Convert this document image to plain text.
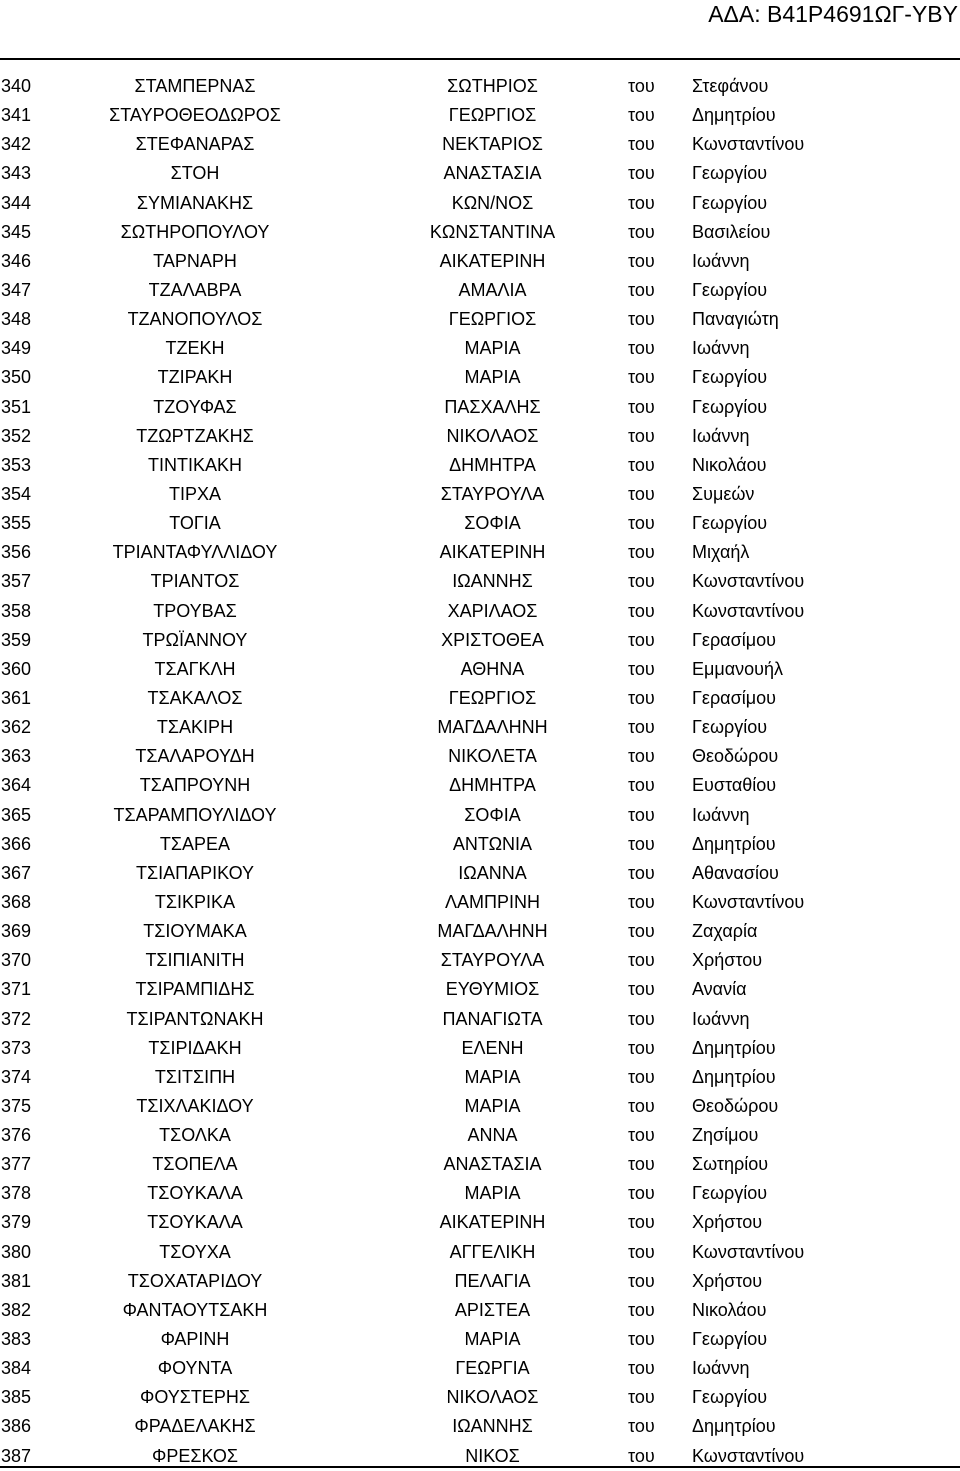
ΑΔΑ: Β41Ρ4691ΩΓ-ΥΒΥ
340	ΣΤΑΜΠΕΡΝΑΣ	ΣΩΤΗΡΙΟΣ	του	Στεφάνου
341	ΣΤΑΥΡΟΘΕΟΔΩΡΟΣ	ΓΕΩΡΓΙΟΣ	του	Δημητρίου
342	ΣΤΕΦΑΝΑΡΑΣ	ΝΕΚΤΑΡΙΟΣ	του	Κωνσταντίνου
343	ΣΤΟΗ	ΑΝΑΣΤΑΣΙΑ	του	Γεωργίου
344	ΣΥΜΙΑΝΑΚΗΣ	ΚΩΝ/ΝΟΣ	του	Γεωργίου
345	ΣΩΤΗΡΟΠΟΥΛΟΥ	ΚΩΝΣΤΑΝΤΙΝΑ	του	Βασιλείου
346	ΤΑΡΝΑΡΗ	ΑΙΚΑΤΕΡΙΝΗ	του	Ιωάννη
347	ΤΖΑΛΑΒΡΑ	ΑΜΑΛΙΑ	του	Γεωργίου
348	ΤΖΑΝΟΠΟΥΛΟΣ	ΓΕΩΡΓΙΟΣ	του	Παναγιώτη
349	ΤΖΕΚΗ	ΜΑΡΙΑ	του	Ιωάννη
350	ΤΖΙΡΑΚΗ	ΜΑΡΙΑ	του	Γεωργίου
351	ΤΖΟΥΦΑΣ	ΠΑΣΧΑΛΗΣ	του	Γεωργίου
352	ΤΖΩΡΤΖΑΚΗΣ	ΝΙΚΟΛΑΟΣ	του	Ιωάννη
353	ΤΙΝΤΙΚΑΚΗ	ΔΗΜΗΤΡΑ	του	Νικολάου
354	ΤΙΡΧΑ	ΣΤΑΥΡΟΥΛΑ	του	Συμεών
355	ΤΟΓΙΑ	ΣΟΦΙΑ	του	Γεωργίου
356	ΤΡΙΑΝΤΑΦΥΛΛΙΔΟΥ	ΑΙΚΑΤΕΡΙΝΗ	του	Μιχαήλ
357	ΤΡΙΑΝΤΟΣ	ΙΩΑΝΝΗΣ	του	Κωνσταντίνου
358	ΤΡΟΥΒΑΣ	ΧΑΡΙΛΑΟΣ	του	Κωνσταντίνου
359	ΤΡΩΪΑΝΝΟΥ	ΧΡΙΣΤΟΘΕΑ	του	Γερασίμου
360	ΤΣΑΓΚΛΗ	ΑΘΗΝΑ	του	Εμμανουήλ
361	ΤΣΑΚΑΛΟΣ	ΓΕΩΡΓΙΟΣ	του	Γερασίμου
362	ΤΣΑΚΙΡΗ	ΜΑΓΔΑΛΗΝΗ	του	Γεωργίου
363	ΤΣΑΛΑΡΟΥΔΗ	ΝΙΚΟΛΕΤΑ	του	Θεοδώρου
364	ΤΣΑΠΡΟΥΝΗ	ΔΗΜΗΤΡΑ	του	Ευσταθίου
365	ΤΣΑΡΑΜΠΟΥΛΙΔΟΥ	ΣΟΦΙΑ	του	Ιωάννη
366	ΤΣΑΡΕΑ	ΑΝΤΩΝΙΑ	του	Δημητρίου
367	ΤΣΙΑΠΑΡΙΚΟΥ	ΙΩΑΝΝΑ	του	Αθανασίου
368	ΤΣΙΚΡΙΚΑ	ΛΑΜΠΡΙΝΗ	του	Κωνσταντίνου
369	ΤΣΙΟΥΜΑΚΑ	ΜΑΓΔΑΛΗΝΗ	του	Ζαχαρία
370	ΤΣΙΠΙΑΝΙΤΗ	ΣΤΑΥΡΟΥΛΑ	του	Χρήστου
371	ΤΣΙΡΑΜΠΙΔΗΣ	ΕΥΘΥΜΙΟΣ	του	Ανανία
372	ΤΣΙΡΑΝΤΩΝΑΚΗ	ΠΑΝΑΓΙΩΤΑ	του	Ιωάννη
373	ΤΣΙΡΙΔΑΚΗ	ΕΛΕΝΗ	του	Δημητρίου
374	ΤΣΙΤΣΙΠΗ	ΜΑΡΙΑ	του	Δημητρίου
375	ΤΣΙΧΛΑΚΙΔΟΥ	ΜΑΡΙΑ	του	Θεοδώρου
376	ΤΣΟΛΚΑ	ΑΝΝΑ	του	Ζησίμου
377	ΤΣΟΠΕΛΑ	ΑΝΑΣΤΑΣΙΑ	του	Σωτηρίου
378	ΤΣΟΥΚΑΛΑ	ΜΑΡΙΑ	του	Γεωργίου
379	ΤΣΟΥΚΑΛΑ	ΑΙΚΑΤΕΡΙΝΗ	του	Χρήστου
380	ΤΣΟΥΧΑ	ΑΓΓΕΛΙΚΗ	του	Κωνσταντίνου
381	ΤΣΟΧΑΤΑΡΙΔΟΥ	ΠΕΛΑΓΙΑ	του	Χρήστου
382	ΦΑΝΤΑΟΥΤΣΑΚΗ	ΑΡΙΣΤΕΑ	του	Νικολάου
383	ΦΑΡΙΝΗ	ΜΑΡΙΑ	του	Γεωργίου
384	ΦΟΥΝΤΑ	ΓΕΩΡΓΙΑ	του	Ιωάννη
385	ΦΟΥΣΤΕΡΗΣ	ΝΙΚΟΛΑΟΣ	του	Γεωργίου
386	ΦΡΑΔΕΛΑΚΗΣ	ΙΩΑΝΝΗΣ	του	Δημητρίου
387	ΦΡΕΣΚΟΣ	ΝΙΚΟΣ	του	Κωνσταντίνου
